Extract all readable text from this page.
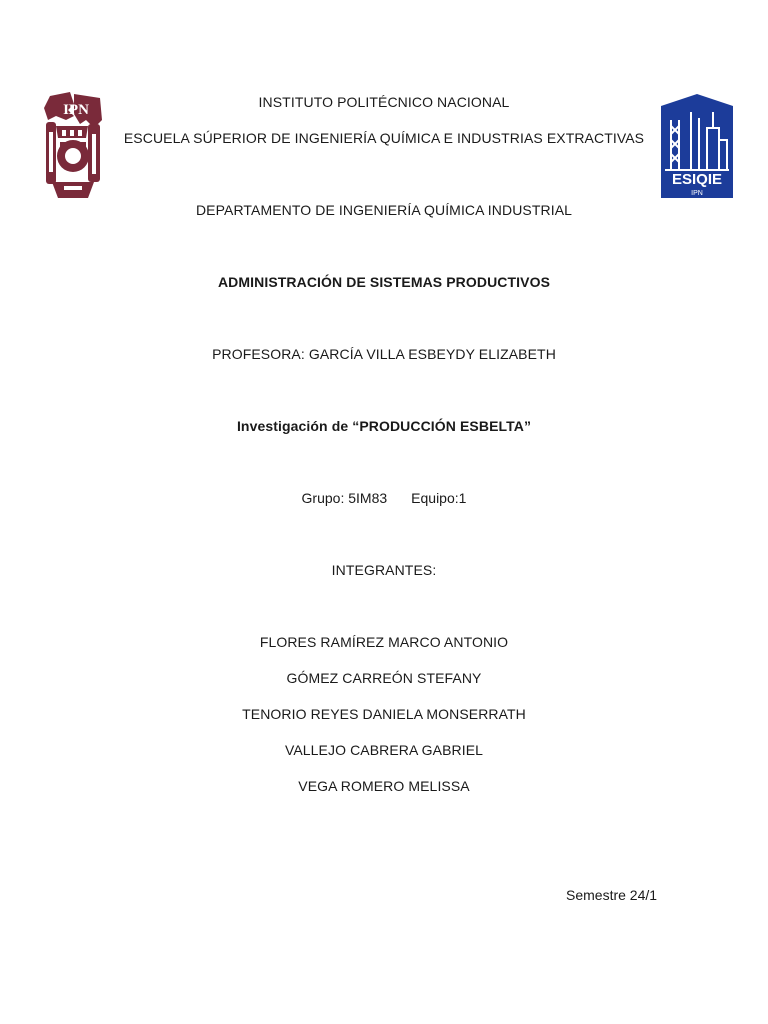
IPN
ESIQIE
IPN
INSTITUTO POLITÉCNICO NACIONAL
ESCUELA SÚPERIOR DE INGENIERÍA QUÍMICA E INDUSTRIAS EXTRACTIVAS
DEPARTAMENTO DE INGENIERÍA QUÍMICA INDUSTRIAL
ADMINISTRACIÓN DE SISTEMAS PRODUCTIVOS
PROFESORA: GARCÍA VILLA ESBEYDY ELIZABETH
Investigación de “PRODUCCIÓN ESBELTA”
Grupo: 5IM83 Equipo:1
INTEGRANTES:
FLORES RAMÍREZ MARCO ANTONIO
GÓMEZ CARREÓN STEFANY
TENORIO REYES DANIELA MONSERRATH
VALLEJO CABRERA GABRIEL
VEGA ROMERO MELISSA
Semestre 24/1
